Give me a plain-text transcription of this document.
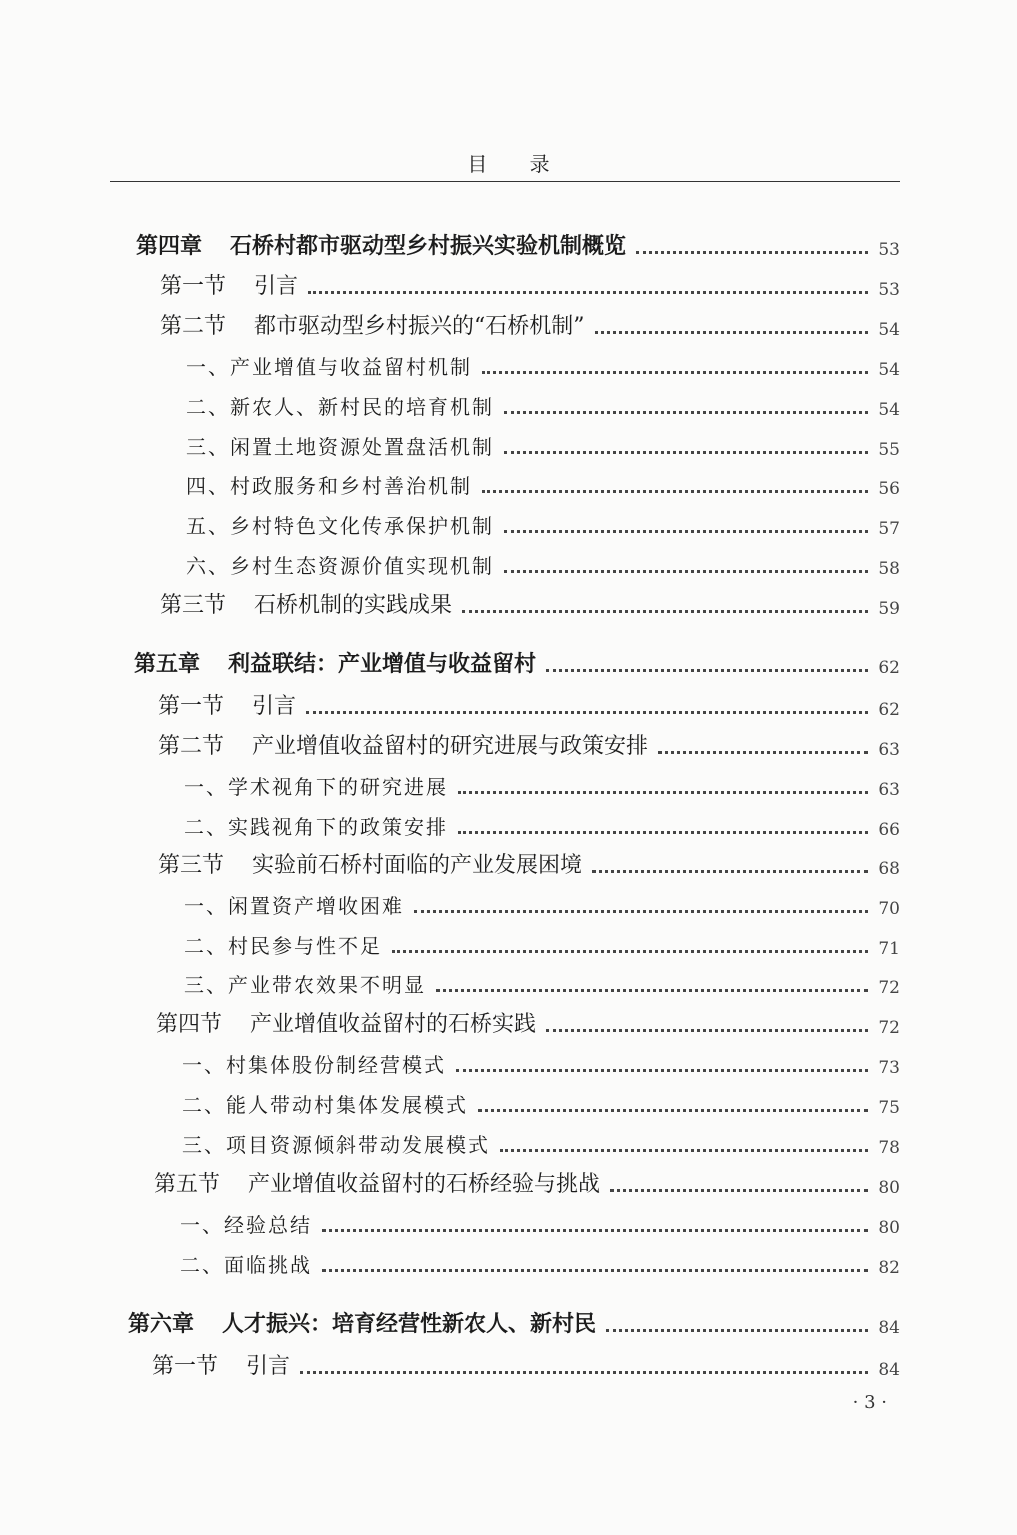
目 录
第四章 石桥村都市驱动型乡村振兴实验机制概览	53
第一节 引言	53
第二节 都市驱动型乡村振兴的“石桥机制”	54
一、产业增值与收益留村机制	54
二、新农人、新村民的培育机制	54
三、闲置土地资源处置盘活机制	55
四、村政服务和乡村善治机制	56
五、乡村特色文化传承保护机制	57
六、乡村生态资源价值实现机制	58
第三节 石桥机制的实践成果	59
第五章 利益联结：产业增值与收益留村	62
第一节 引言	62
第二节 产业增值收益留村的研究进展与政策安排	63
一、学术视角下的研究进展	63
二、实践视角下的政策安排	66
第三节 实验前石桥村面临的产业发展困境	68
一、闲置资产增收困难	70
二、村民参与性不足	71
三、产业带农效果不明显	72
第四节 产业增值收益留村的石桥实践	72
一、村集体股份制经营模式	73
二、能人带动村集体发展模式	75
三、项目资源倾斜带动发展模式	78
第五节 产业增值收益留村的石桥经验与挑战	80
一、经验总结	80
二、面临挑战	82
第六章 人才振兴：培育经营性新农人、新村民	84
第一节 引言	84
· 3 ·
